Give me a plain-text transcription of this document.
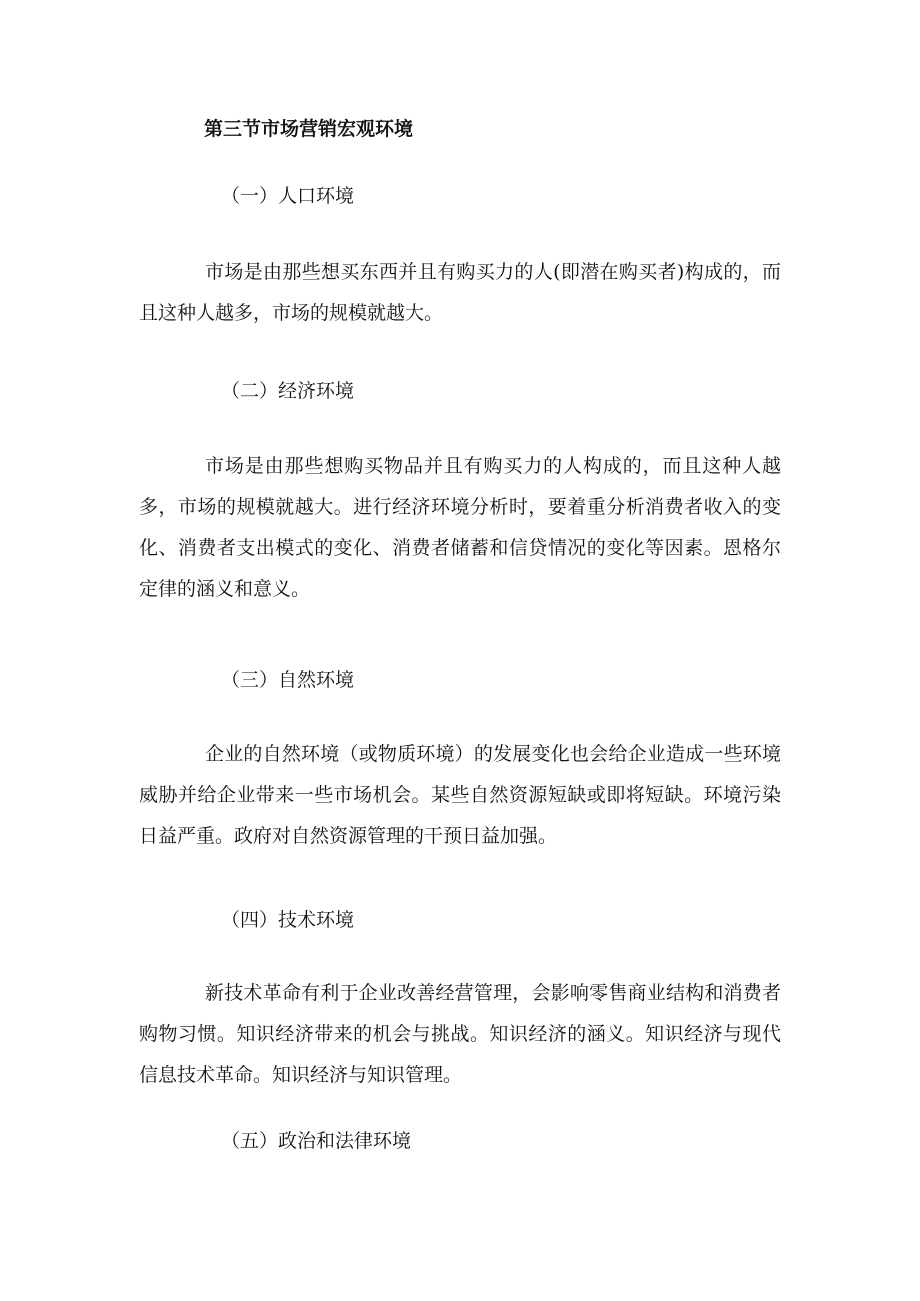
第三节市场营销宏观环境
（一）人口环境
市场是由那些想买东西并且有购买力的人(即潜在购买者)构成的，而且这种人越多，市场的规模就越大。
（二）经济环境
市场是由那些想购买物品并且有购买力的人构成的，而且这种人越多，市场的规模就越大。进行经济环境分析时，要着重分析消费者收入的变化、消费者支出模式的变化、消费者储蓄和信贷情况的变化等因素。恩格尔定律的涵义和意义。
（三）自然环境
企业的自然环境（或物质环境）的发展变化也会给企业造成一些环境威胁并给企业带来一些市场机会。某些自然资源短缺或即将短缺。环境污染日益严重。政府对自然资源管理的干预日益加强。
（四）技术环境
新技术革命有利于企业改善经营管理，会影响零售商业结构和消费者购物习惯。知识经济带来的机会与挑战。知识经济的涵义。知识经济与现代信息技术革命。知识经济与知识管理。
（五）政治和法律环境
